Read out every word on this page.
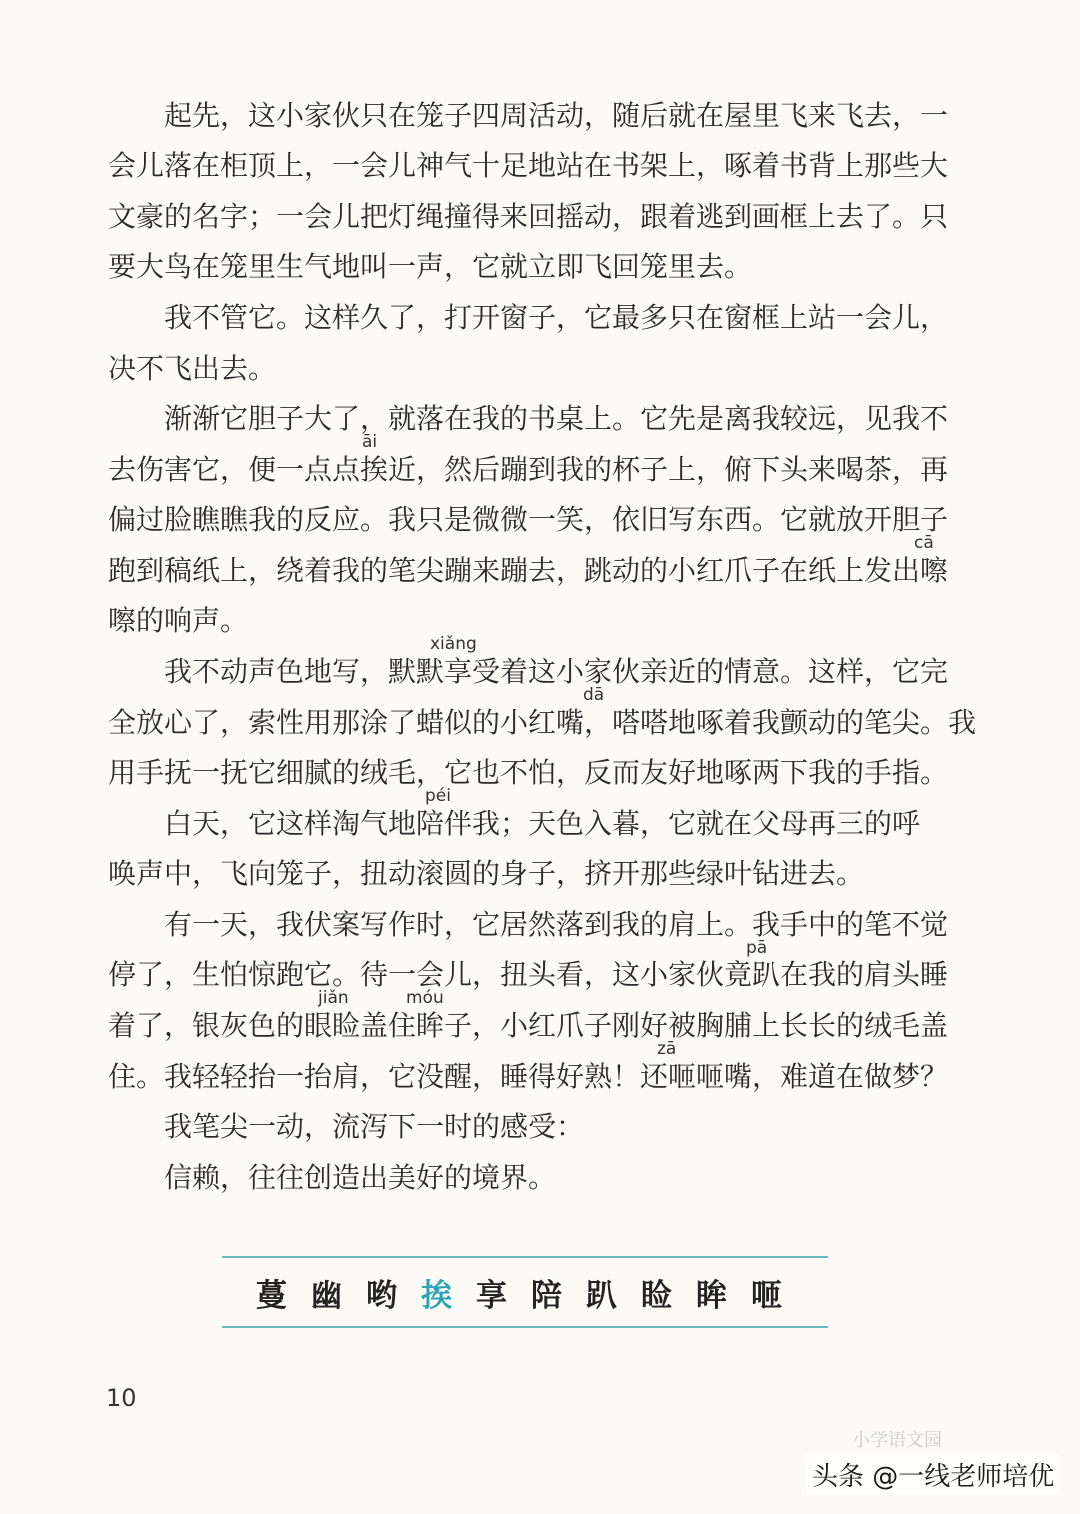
起先，这小家伙只在笼子四周活动，随后就在屋里飞来飞去，一
会儿落在柜顶上，一会儿神气十足地站在书架上，啄着书背上那些大
文豪的名字；一会儿把灯绳撞得来回摇动，跟着逃到画框上去了。只
要大鸟在笼里生气地叫一声，它就立即飞回笼里去。
我不管它。这样久了，打开窗子，它最多只在窗框上站一会儿，
决不飞出去。
渐渐它胆子大了，就落在我的书桌上。它先是离我较远，见我不
去伤害它，便一点点挨近，然后蹦到我的杯子上，俯下头来喝茶，再
偏过脸瞧瞧我的反应。我只是微微一笑，依旧写东西。它就放开胆子
跑到稿纸上，绕着我的笔尖蹦来蹦去，跳动的小红爪子在纸上发出嚓
嚓的响声。
我不动声色地写，默默享受着这小家伙亲近的情意。这样，它完
全放心了，索性用那涂了蜡似的小红嘴，嗒嗒地啄着我颤动的笔尖。我
用手抚一抚它细腻的绒毛，它也不怕，反而友好地啄两下我的手指。
白天，它这样淘气地陪伴我；天色入暮，它就在父母再三的呼
唤声中，飞向笼子，扭动滚圆的身子，挤开那些绿叶钻进去。
有一天，我伏案写作时，它居然落到我的肩上。我手中的笔不觉
停了，生怕惊跑它。待一会儿，扭头看，这小家伙竟趴在我的肩头睡
着了，银灰色的眼睑盖住眸子，小红爪子刚好被胸脯上长长的绒毛盖
住。我轻轻抬一抬肩，它没醒，睡得好熟！还咂咂嘴，难道在做梦？
我笔尖一动，流泻下一时的感受：
信赖，往往创造出美好的境界。
āi
cā
xiǎng
dā
péi
pā
jiǎn	móu
zā
蔓 幽 哟 挨 享 陪 趴 睑 眸 咂
10
小学语文园
头条 @一线老师培优
